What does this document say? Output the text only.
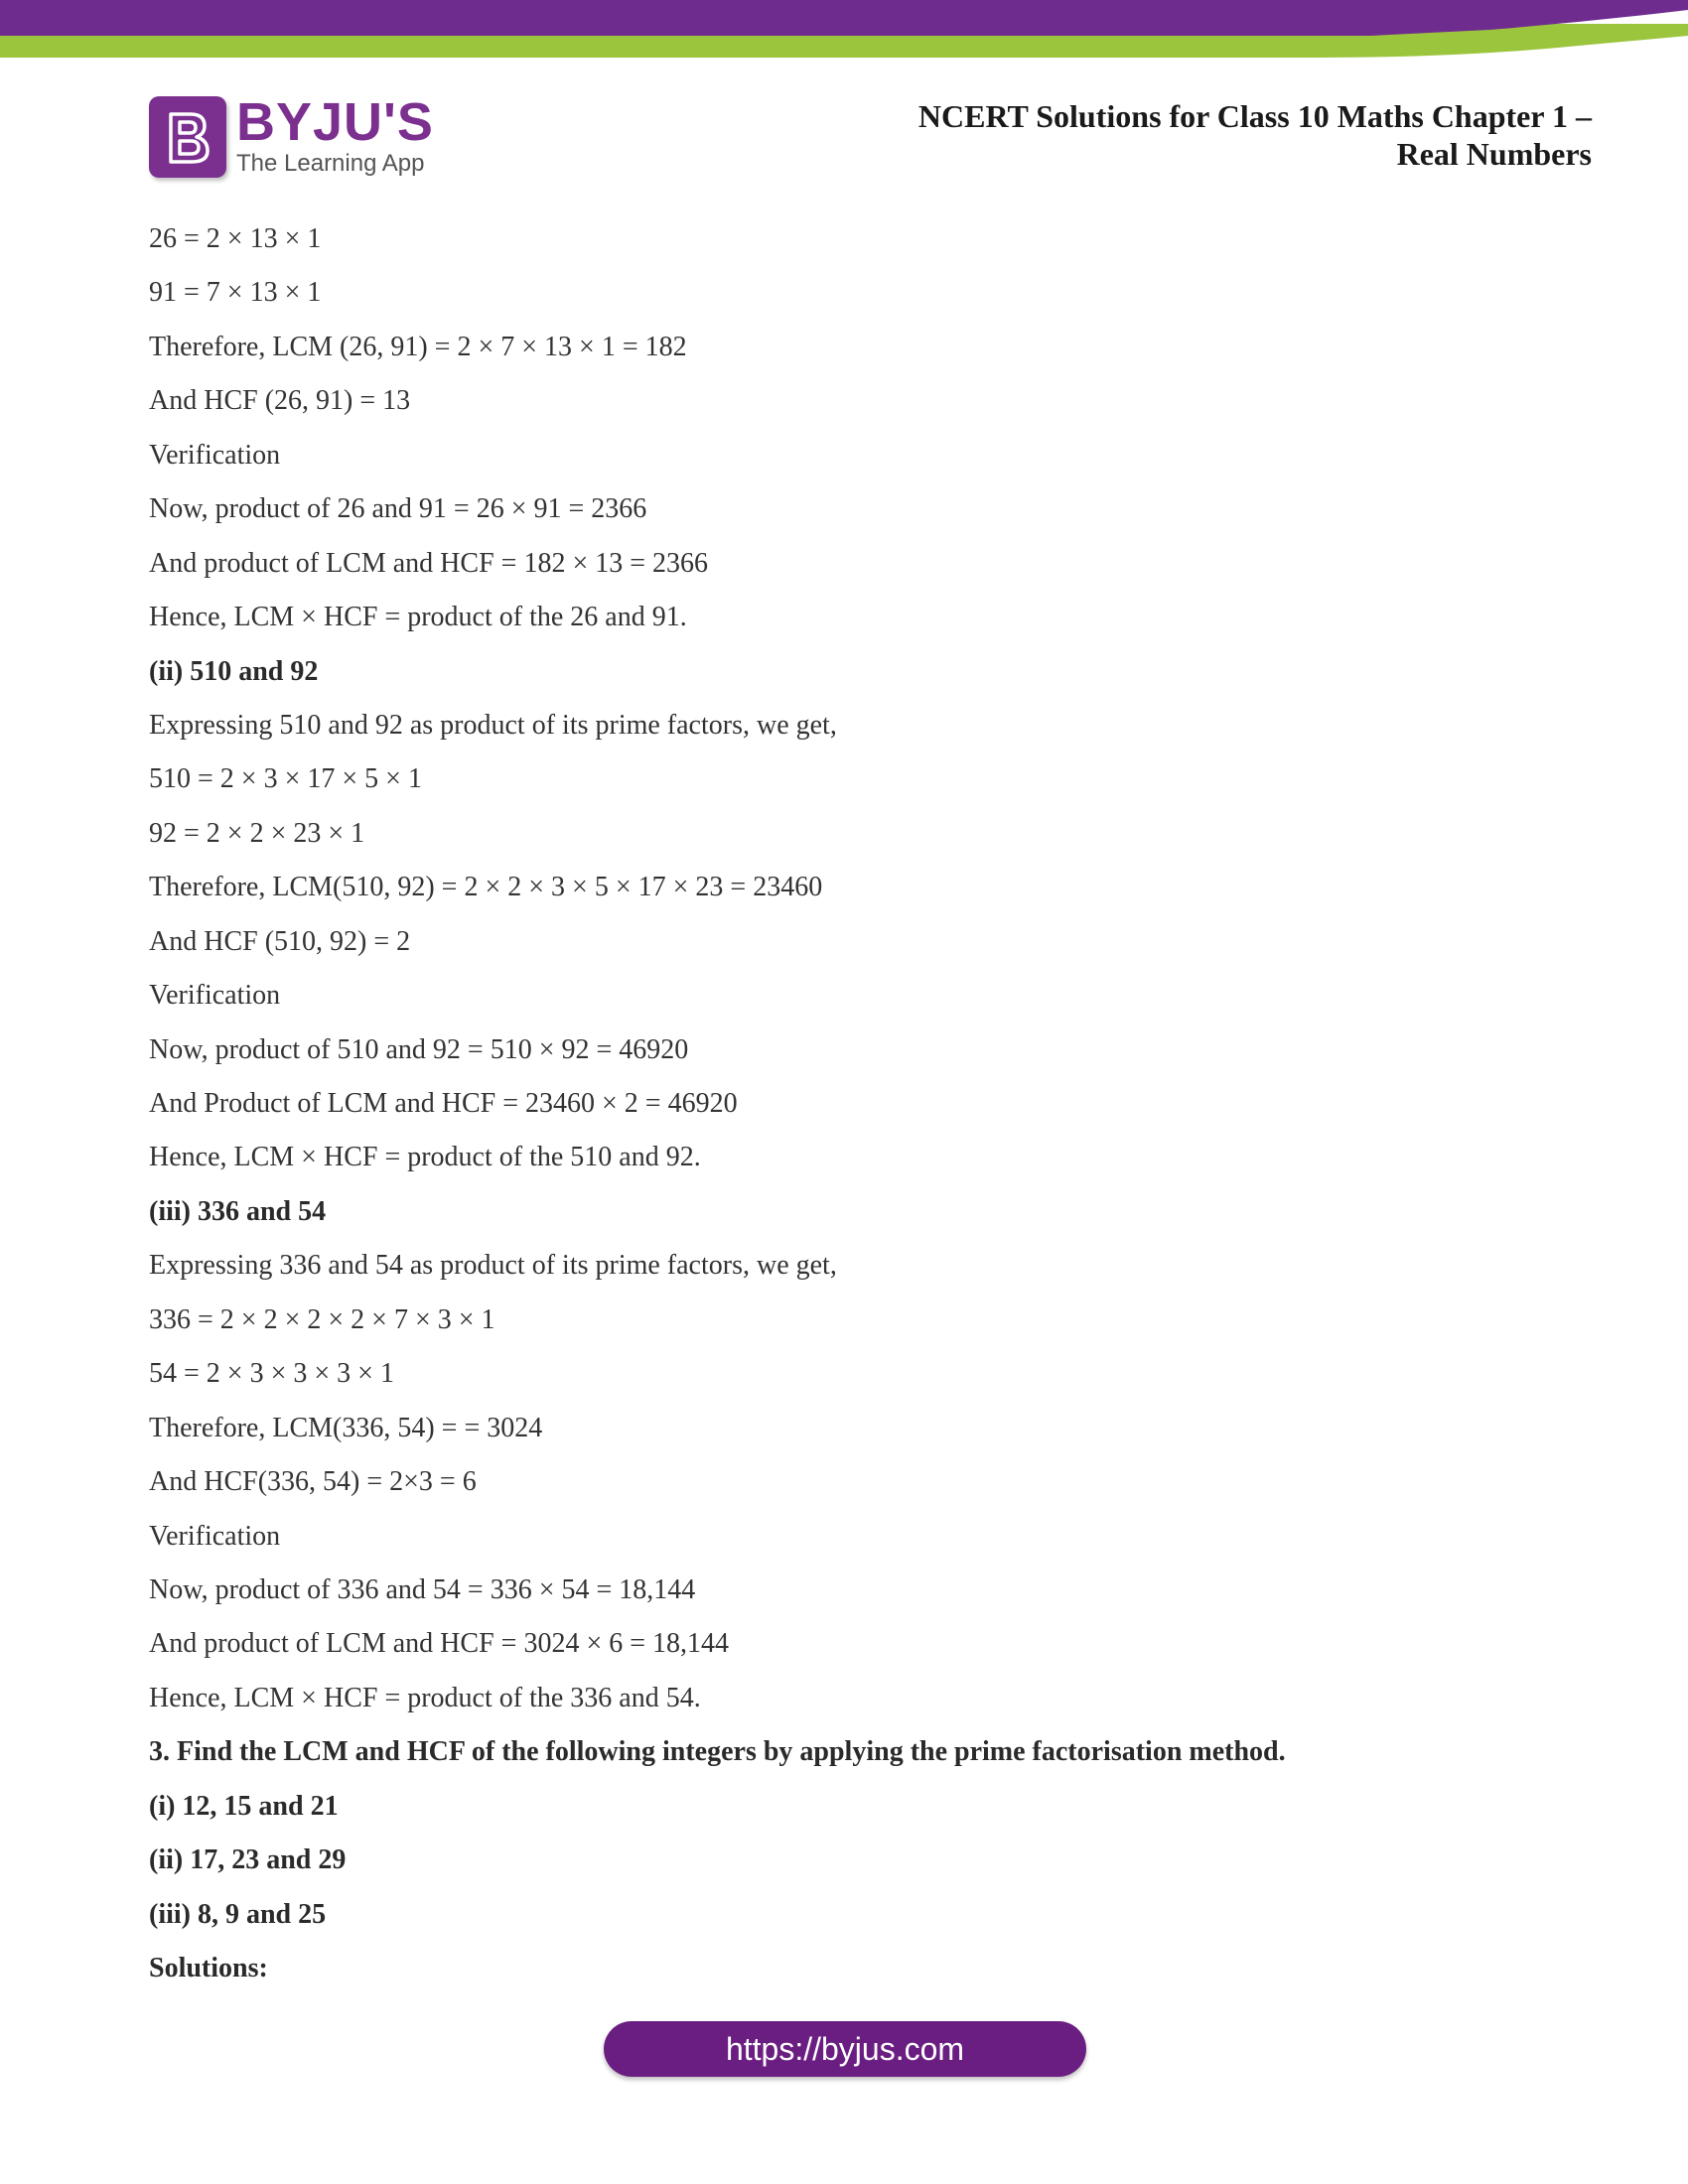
BYJU'S
The Learning App
NCERT Solutions for Class 10 Maths Chapter 1 –
Real Numbers
26 = 2 × 13 × 1
91 = 7 × 13 × 1
Therefore, LCM (26, 91) = 2 × 7 × 13 × 1 = 182
And HCF (26, 91) = 13
Verification
Now, product of 26 and 91 = 26 × 91 = 2366
And product of LCM and HCF = 182 × 13 = 2366
Hence, LCM × HCF = product of the 26 and 91.
(ii) 510 and 92
Expressing 510 and 92 as product of its prime factors, we get,
510 = 2 × 3 × 17 × 5 × 1
92 = 2 × 2 × 23 × 1
Therefore, LCM(510, 92) = 2 × 2 × 3 × 5 × 17 × 23 = 23460
And HCF (510, 92) = 2
Verification
Now, product of 510 and 92 = 510 × 92 = 46920
And Product of LCM and HCF = 23460 × 2 = 46920
Hence, LCM × HCF = product of the 510 and 92.
(iii) 336 and 54
Expressing 336 and 54 as product of its prime factors, we get,
336 = 2 × 2 × 2 × 2 × 7 × 3 × 1
54 = 2 × 3 × 3 × 3 × 1
Therefore, LCM(336, 54) = = 3024
And HCF(336, 54) = 2×3 = 6
Verification
Now, product of 336 and 54 = 336 × 54 = 18,144
And product of LCM and HCF = 3024 × 6 = 18,144
Hence, LCM × HCF = product of the 336 and 54.
3. Find the LCM and HCF of the following integers by applying the prime factorisation method.
(i) 12, 15 and 21
(ii) 17, 23 and 29
(iii) 8, 9 and 25
Solutions:
https://byjus.com
